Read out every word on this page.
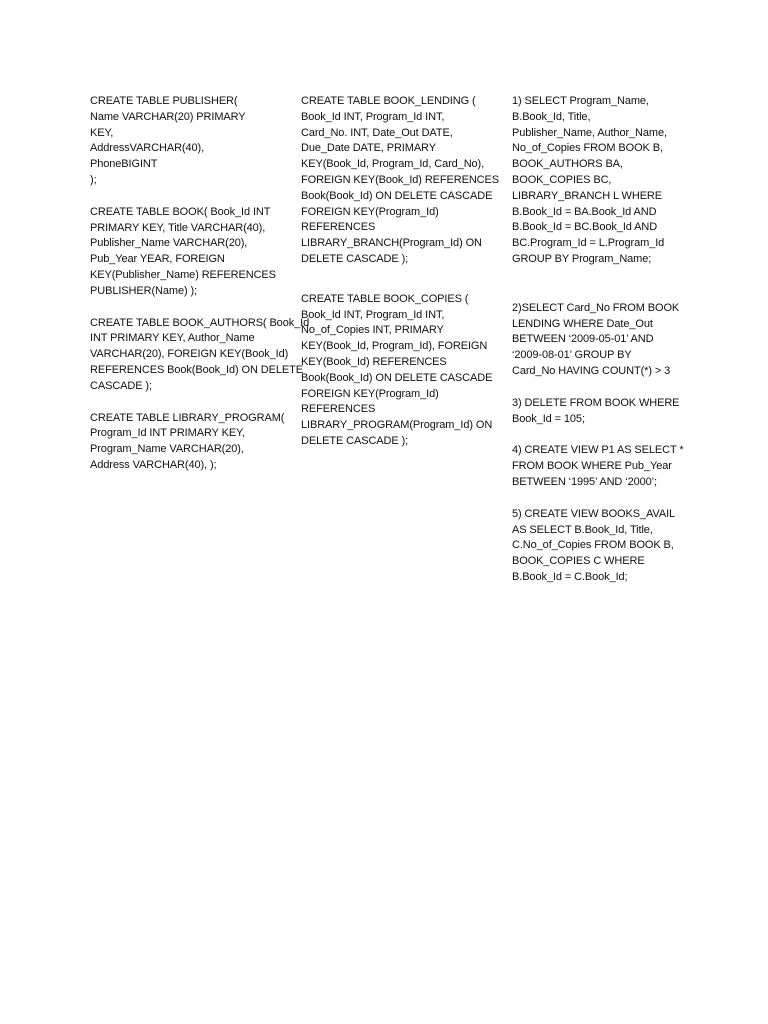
CREATE TABLE PUBLISHER(
Name VARCHAR(20) PRIMARY
KEY,
AddressVARCHAR(40),
PhoneBIGINT
);
CREATE TABLE BOOK( Book_Id INT
PRIMARY KEY, Title VARCHAR(40),
Publisher_Name VARCHAR(20),
Pub_Year YEAR, FOREIGN
KEY(Publisher_Name) REFERENCES
PUBLISHER(Name) );
CREATE TABLE BOOK_AUTHORS( Book_Id
INT PRIMARY KEY, Author_Name
VARCHAR(20), FOREIGN KEY(Book_Id)
REFERENCES Book(Book_Id) ON DELETE
CASCADE );
CREATE TABLE LIBRARY_PROGRAM(
Program_Id INT PRIMARY KEY,
Program_Name VARCHAR(20),
Address VARCHAR(40), );
CREATE TABLE BOOK_LENDING (
Book_Id INT, Program_Id INT,
Card_No. INT, Date_Out DATE,
Due_Date DATE, PRIMARY
KEY(Book_Id, Program_Id, Card_No),
FOREIGN KEY(Book_Id) REFERENCES
Book(Book_Id) ON DELETE CASCADE
FOREIGN KEY(Program_Id)
REFERENCES
LIBRARY_BRANCH(Program_Id) ON
DELETE CASCADE );
CREATE TABLE BOOK_COPIES (
Book_Id INT, Program_Id INT,
No_of_Copies INT, PRIMARY
KEY(Book_Id, Program_Id), FOREIGN
KEY(Book_Id) REFERENCES
Book(Book_Id) ON DELETE CASCADE
FOREIGN KEY(Program_Id)
REFERENCES
LIBRARY_PROGRAM(Program_Id) ON
DELETE CASCADE );
1) SELECT Program_Name,
B.Book_Id, Title,
Publisher_Name, Author_Name,
No_of_Copies FROM BOOK B,
BOOK_AUTHORS BA,
BOOK_COPIES BC,
LIBRARY_BRANCH L WHERE
B.Book_Id = BA.Book_Id AND
B.Book_Id = BC.Book_Id AND
BC.Program_Id = L.Program_Id
GROUP BY Program_Name;
2)SELECT Card_No FROM BOOK
LENDING WHERE Date_Out
BETWEEN ‘2009-05-01’ AND
‘2009-08-01’ GROUP BY
Card_No HAVING COUNT(*) > 3
3) DELETE FROM BOOK WHERE
Book_Id = 105;
4) CREATE VIEW P1 AS SELECT *
FROM BOOK WHERE Pub_Year
BETWEEN ‘1995’ AND ‘2000’;
5) CREATE VIEW BOOKS_AVAIL
AS SELECT B.Book_Id, Title,
C.No_of_Copies FROM BOOK B,
BOOK_COPIES C WHERE
B.Book_Id = C.Book_Id;
